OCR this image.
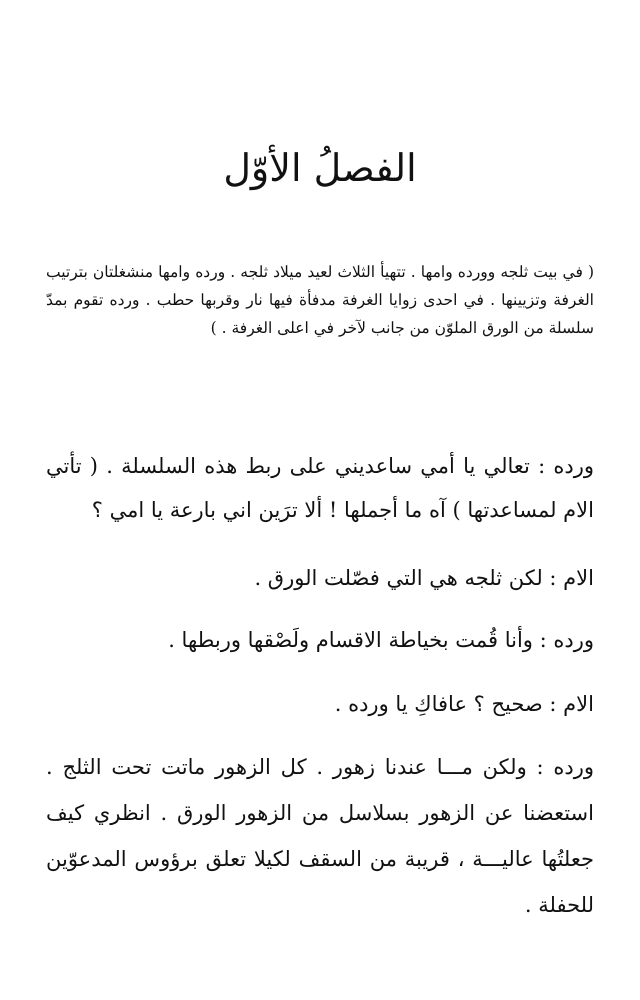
الفصلُ الأوّل

( في بيت ثلجه وورده وامها . تتهيأ الثلاث لعيد ميلاد ثلجه . ورده وامها منشغلتان بترتيب الغرفة وتزيينها . في احدى زوايا الغرفة مدفأة فيها نار وقربها حطب . ورده تقوم بمدّ سلسلة من الورق الملوّن من جانب لآخر في اعلى الغرفة . )

ورده : تعالي يا أمي ساعديني على ربط هذه السلسلة . ( تأتي الام لمساعدتها ) آه ما أجملها ! ألا ترَين اني بارعة يا امي ؟

الام : لكن ثلجه هي التي فصّلت الورق .

ورده : وأنا قُمت بخياطة الاقسام ولَصْقها وربطها .

الام : صحيح ؟ عافاكِ يا ورده .

ورده : ولكن مـــا عندنا زهور . كل الزهور ماتت تحت الثلج . استعضنا عن الزهور بسلاسل من الزهور الورق . انظري كيف جعلتُها عاليـــة ، قريبة من السقف لكيلا تعلق برؤوس المدعوّين للحفلة .
